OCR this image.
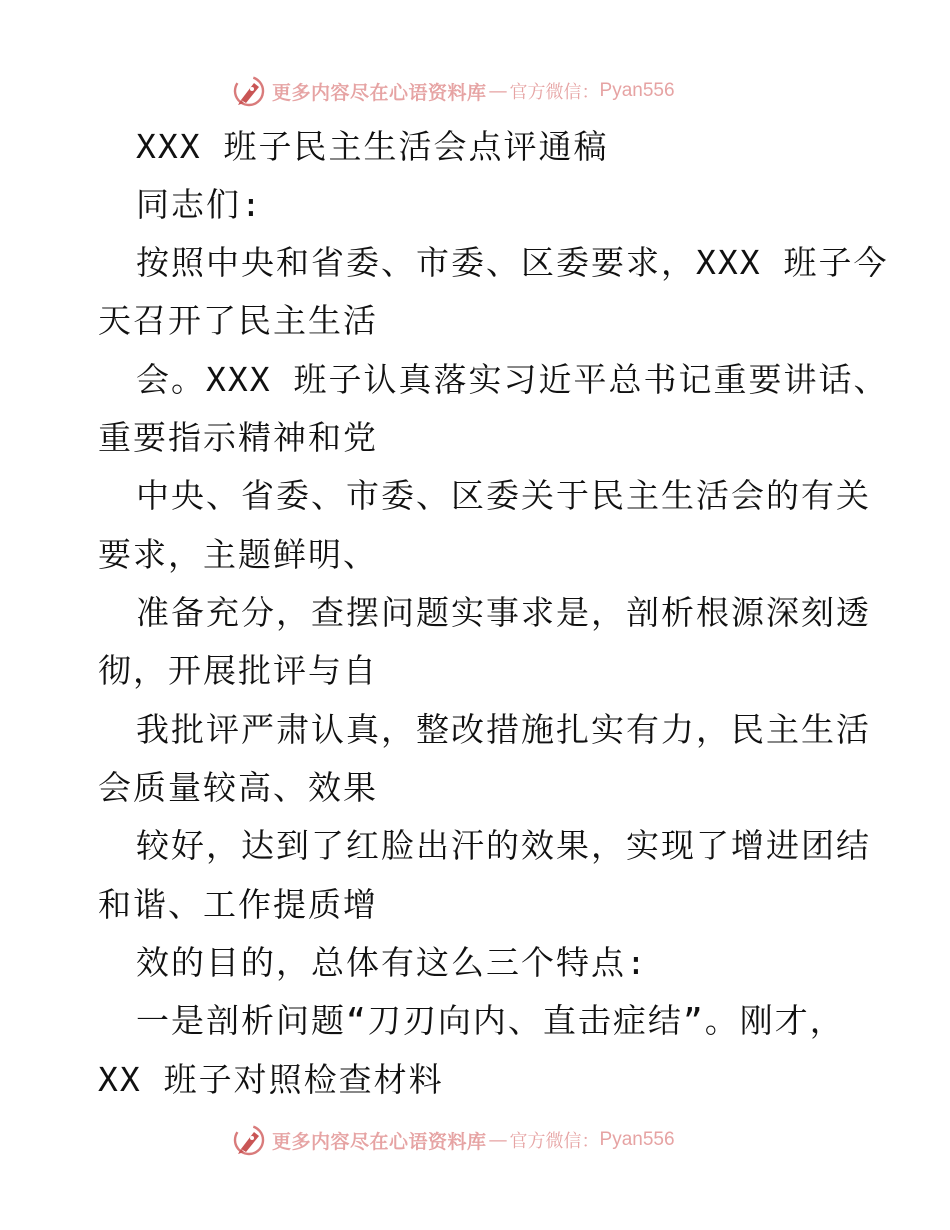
更多内容尽在心语资料库 — 官方微信： Pyan556
XXX 班子民主生活会点评通稿
同志们:
按照中央和省委、市委、区委要求，XXX 班子今
天召开了民主生活
会。XXX 班子认真落实习近平总书记重要讲话、
重要指示精神和党
中央、省委、市委、区委关于民主生活会的有关
要求，主题鲜明、
准备充分，查摆问题实事求是，剖析根源深刻透
彻，开展批评与自
我批评严肃认真，整改措施扎实有力，民主生活
会质量较高、效果
较好，达到了红脸出汗的效果，实现了增进团结
和谐、工作提质增
效的目的，总体有这么三个特点:
一是剖析问题“刀刃向内、直击症结”。刚才，
XX 班子对照检查材料
更多内容尽在心语资料库 — 官方微信： Pyan556
